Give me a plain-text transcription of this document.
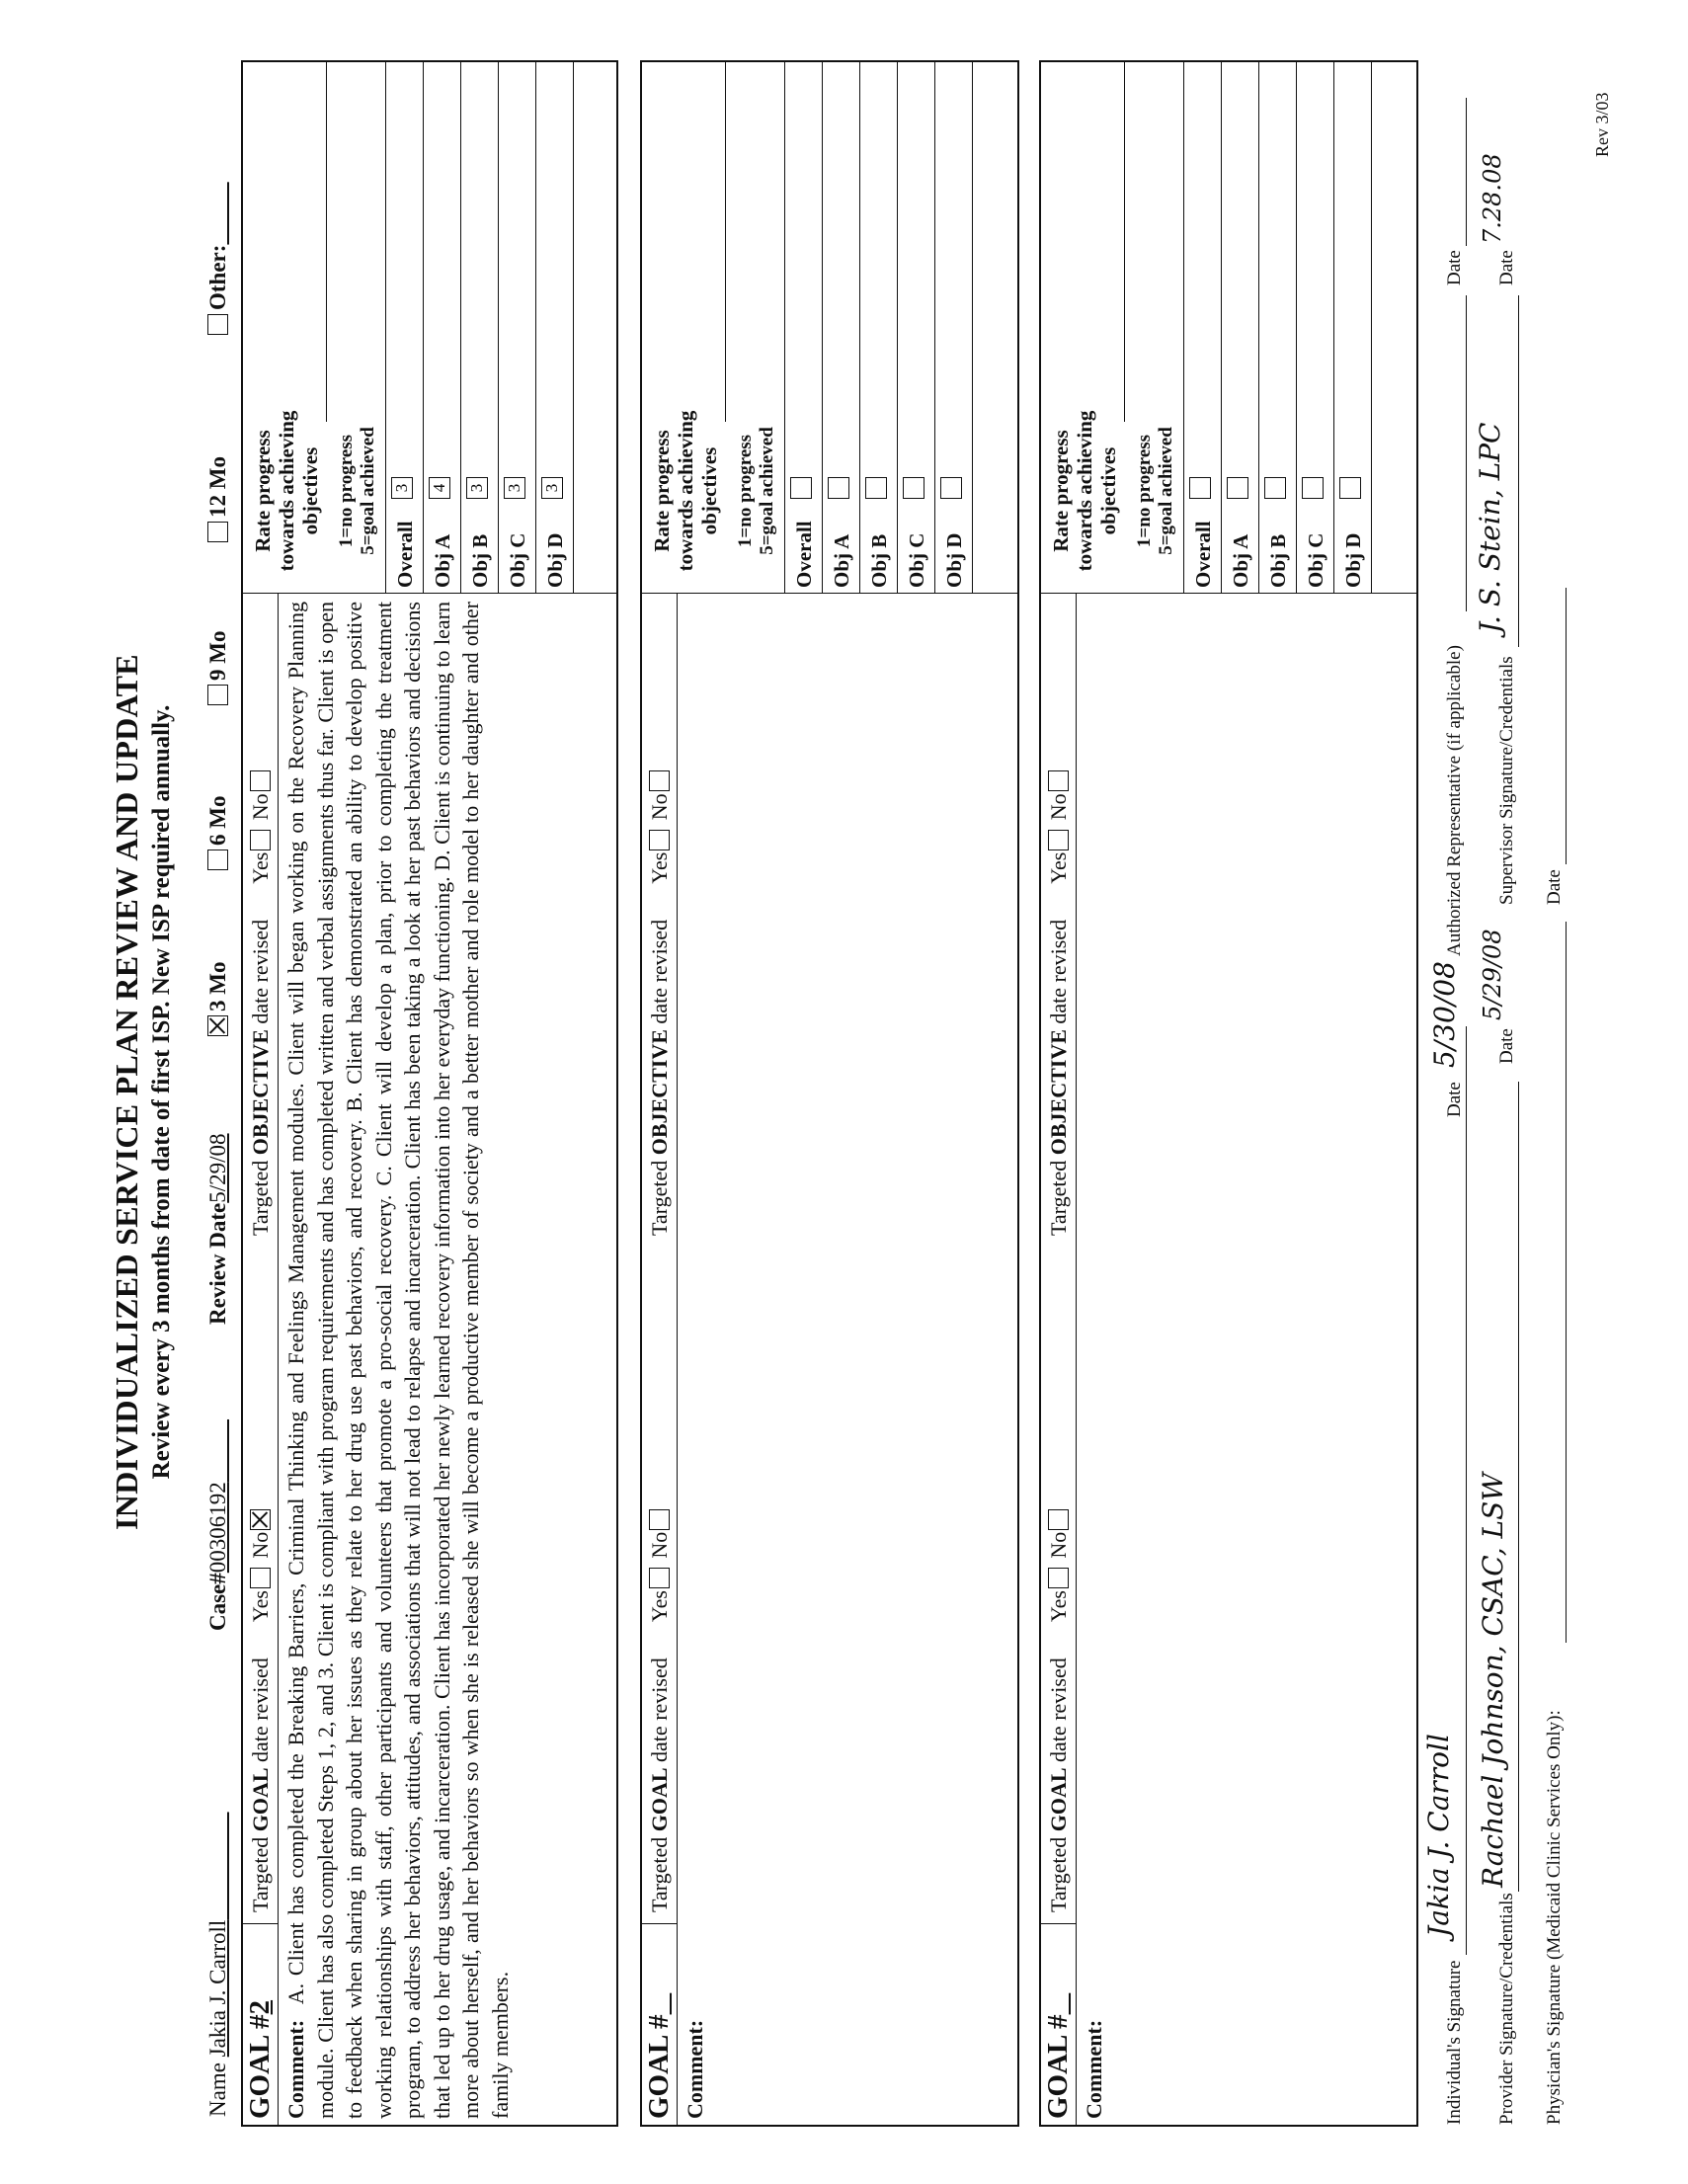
INDIVIDUALIZED SERVICE PLAN REVIEW AND UPDATE Review every 3 months from date of first ISP. New ISP required annually.
Name Jakia J. Carroll
Case#00306192
Review Date5/29/08
3 Mo
6 Mo
9 Mo
12 Mo
Other:
GOAL #2
Targeted GOAL date revised  Yes No
Targeted OBJECTIVE date revised  Yes No
Comment:  A. Client has completed the Breaking Barriers, Criminal Thinking and Feelings Management modules. Client will began working on the Recovery Planning module. Client has also completed Steps 1, 2, and 3. Client is compliant with program requirements and has completed written and verbal assignments thus far. Client is open to feedback when sharing in group about her issues as they relate to her drug use past behaviors, and recovery. B. Client has demonstrated an ability to develop positive working relationships with staff, other participants and volunteers that promote a pro-social recovery. C. Client will develop a plan, prior to completing the treatment program, to address her behaviors, attitudes, and associations that will not lead to relapse and incarceration. Client has been taking a look at her past behaviors and decisions that led up to her drug usage, and incarceration. Client has incorporated her newly learned recovery information into her everyday functioning. D. Client is continuing to learn more about herself, and her behaviors so when she is released she will become a productive member of society and a better mother and role model to her daughter and other family members.
Rate progress towards achieving objectives 1=no progress 5=goal achieved Overall
3
Obj A
4
Obj B
3
Obj C
3
Obj D
3
GOAL #
Targeted GOAL date revised  Yes No
Targeted OBJECTIVE date revised  Yes No
Comment:
Rate progress towards achieving objectives 1=no progress 5=goal achieved Overall Obj A Obj B Obj C Obj D
GOAL #
Targeted GOAL date revised  Yes No
Targeted OBJECTIVE date revised  Yes No
Comment:
Rate progress towards achieving objectives 1=no progress 5=goal achieved Overall Obj A Obj B Obj C Obj D
Individual's Signature
Jakia J. Carroll
Date
5/30/08
Authorized Representative (if applicable)
Date
Provider Signature/Credentials
Rachael Johnson, CSAC, LSW
Date
5/29/08
Supervisor Signature/Credentials
J. S. Stein, LPC
Date
7.28.08
Physician's Signature (Medicaid Clinic Services Only):
Date
Rev 3/03
